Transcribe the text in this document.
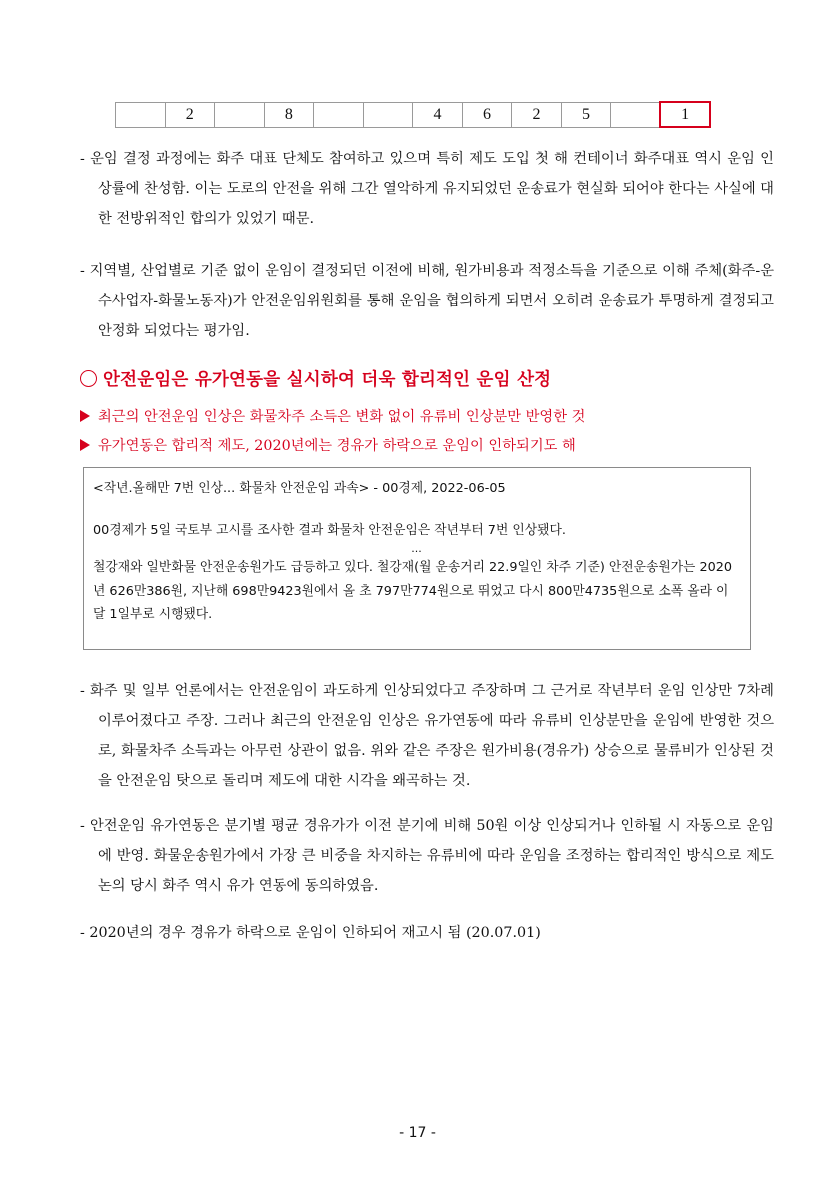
	2		8			4	6	2	5		1

- 운임 결정 과정에는 화주 대표 단체도 참여하고 있으며 특히 제도 도입 첫 해 컨테이너 화주대표 역시 운임 인상률에 찬성함. 이는 도로의 안전을 위해 그간 열악하게 유지되었던 운송료가 현실화 되어야 한다는 사실에 대한 전방위적인 합의가 있었기 때문.

- 지역별, 산업별로 기준 없이 운임이 결정되던 이전에 비해, 원가비용과 적정소득을 기준으로 이해 주체(화주-운수사업자-화물노동자)가 안전운임위원회를 통해 운임을 협의하게 되면서 오히려 운송료가 투명하게 결정되고 안정화 되었다는 평가임.

안전운임은 유가연동을 실시하여 더욱 합리적인 운임 산정

최근의 안전운임 인상은 화물차주 소득은 변화 없이 유류비 인상분만 반영한 것

유가연동은 합리적 제도, 2020년에는 경유가 하락으로 운임이 인하되기도 해

<작년.올해만 7번 인상... 화물차 안전운임 과속> - 00경제, 2022-06-05

00경제가 5일 국토부 고시를 조사한 결과 화물차 안전운임은 작년부터 7번 인상됐다.

...

철강재와 일반화물 안전운송원가도 급등하고 있다. 철강재(월 운송거리 22.9일인 차주 기준) 안전운송원가는 2020년 626만386원, 지난해 698만9423원에서 올 초 797만774원으로 뛰었고 다시 800만4735원으로 소폭 올라 이달 1일부로 시행됐다.

- 화주 및 일부 언론에서는 안전운임이 과도하게 인상되었다고 주장하며 그 근거로 작년부터 운임 인상만 7차례 이루어졌다고 주장. 그러나 최근의 안전운임 인상은 유가연동에 따라 유류비 인상분만을 운임에 반영한 것으로, 화물차주 소득과는 아무런 상관이 없음. 위와 같은 주장은 원가비용(경유가) 상승으로 물류비가 인상된 것을 안전운임 탓으로 돌리며 제도에 대한 시각을 왜곡하는 것.

- 안전운임 유가연동은 분기별 평균 경유가가 이전 분기에 비해 50원 이상 인상되거나 인하될 시 자동으로 운임에 반영. 화물운송원가에서 가장 큰 비중을 차지하는 유류비에 따라 운임을 조정하는 합리적인 방식으로 제도 논의 당시 화주 역시 유가 연동에 동의하였음.

- 2020년의 경우 경유가 하락으로 운임이 인하되어 재고시 됨 (20.07.01)

- 17 -
